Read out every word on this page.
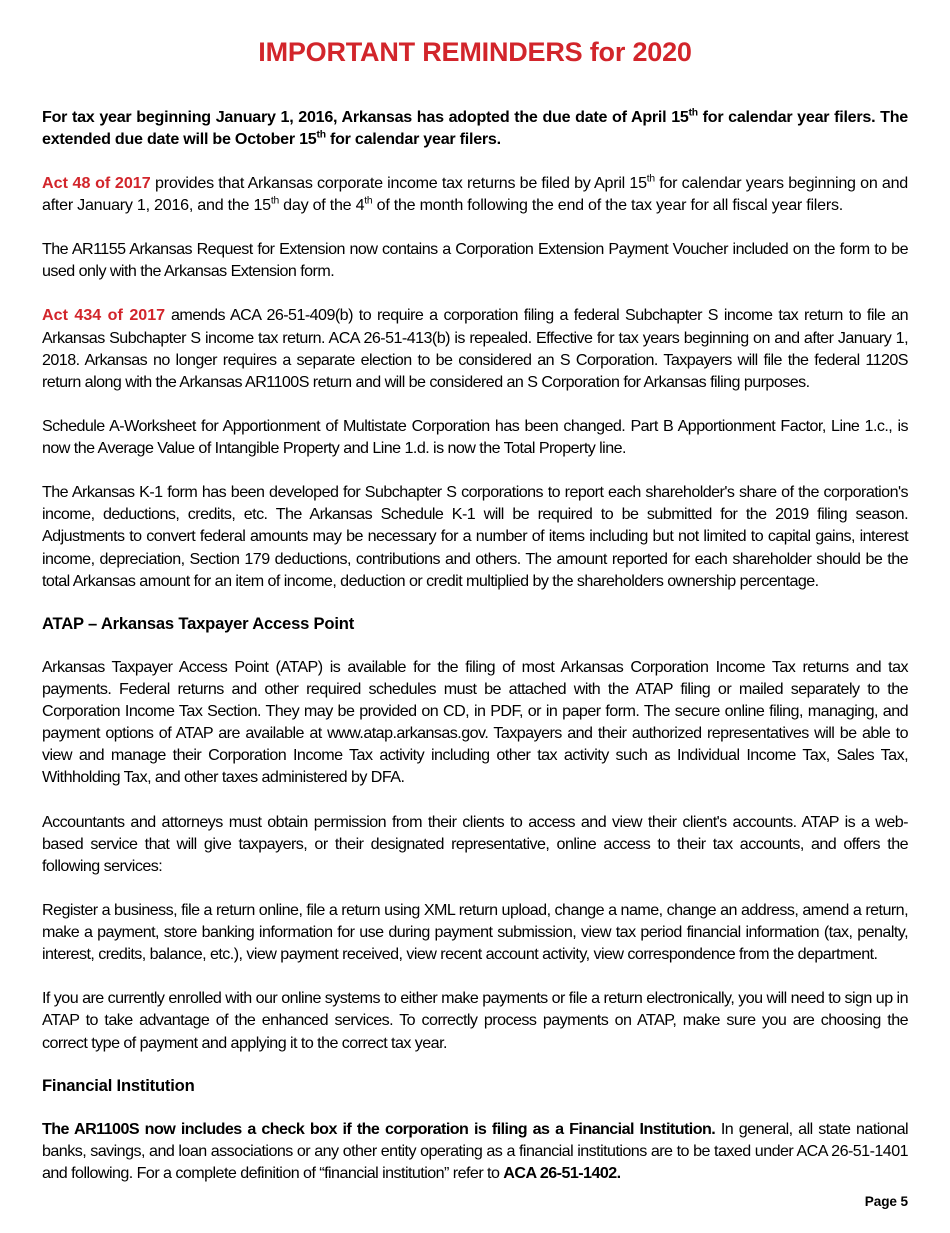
IMPORTANT REMINDERS for 2020

For tax year beginning January 1, 2016, Arkansas has adopted the due date of April 15th for calendar year filers. The extended due date will be October 15th for calendar year filers.

Act 48 of 2017 provides that Arkansas corporate income tax returns be filed by April 15th for calendar years beginning on and after January 1, 2016, and the 15th day of the 4th of the month following the end of the tax year for all fiscal year filers.

The AR1155 Arkansas Request for Extension now contains a Corporation Extension Payment Voucher included on the form to be used only with the Arkansas Extension form.

Act 434 of 2017 amends ACA 26-51-409(b) to require a corporation filing a federal Subchapter S income tax return to file an Arkansas Subchapter S income tax return. ACA 26-51-413(b) is repealed. Effective for tax years beginning on and after January 1, 2018. Arkansas no longer requires a separate election to be considered an S Corporation. Taxpayers will file the federal 1120S return along with the Arkansas AR1100S return and will be considered an S Corporation for Arkansas filing purposes.

Schedule A-Worksheet for Apportionment of Multistate Corporation has been changed. Part B Apportionment Factor, Line 1.c., is now the Average Value of Intangible Property and Line 1.d. is now the Total Property line.

The Arkansas K-1 form has been developed for Subchapter S corporations to report each shareholder's share of the corporation's income, deductions, credits, etc. The Arkansas Schedule K-1 will be required to be submitted for the 2019 filing season. Adjustments to convert federal amounts may be necessary for a number of items including but not limited to capital gains, interest income, depreciation, Section 179 deductions, contributions and others. The amount reported for each shareholder should be the total Arkansas amount for an item of income, deduction or credit multiplied by the shareholders ownership percentage.

ATAP – Arkansas Taxpayer Access Point

Arkansas Taxpayer Access Point (ATAP) is available for the filing of most Arkansas Corporation Income Tax returns and tax payments. Federal returns and other required schedules must be attached with the ATAP filing or mailed separately to the Corporation Income Tax Section. They may be provided on CD, in PDF, or in paper form. The secure online filing, managing, and payment options of ATAP are available at www.atap.arkansas.gov. Taxpayers and their authorized representatives will be able to view and manage their Corporation Income Tax activity including other tax activity such as Individual Income Tax, Sales Tax, Withholding Tax, and other taxes administered by DFA.

Accountants and attorneys must obtain permission from their clients to access and view their client's accounts. ATAP is a web-based service that will give taxpayers, or their designated representative, online access to their tax accounts, and offers the following services:

Register a business, file a return online, file a return using XML return upload, change a name, change an address, amend a return, make a payment, store banking information for use during payment submission, view tax period financial information (tax, penalty, interest, credits, balance, etc.), view payment received, view recent account activity, view correspondence from the department.

If you are currently enrolled with our online systems to either make payments or file a return electronically, you will need to sign up in ATAP to take advantage of the enhanced services. To correctly process payments on ATAP, make sure you are choosing the correct type of payment and applying it to the correct tax year.

Financial Institution

The AR1100S now includes a check box if the corporation is filing as a Financial Institution. In general, all state national banks, savings, and loan associations or any other entity operating as a financial institutions are to be taxed under ACA 26-51-1401 and following. For a complete definition of “financial institution” refer to ACA 26-51-1402.

Page 5
